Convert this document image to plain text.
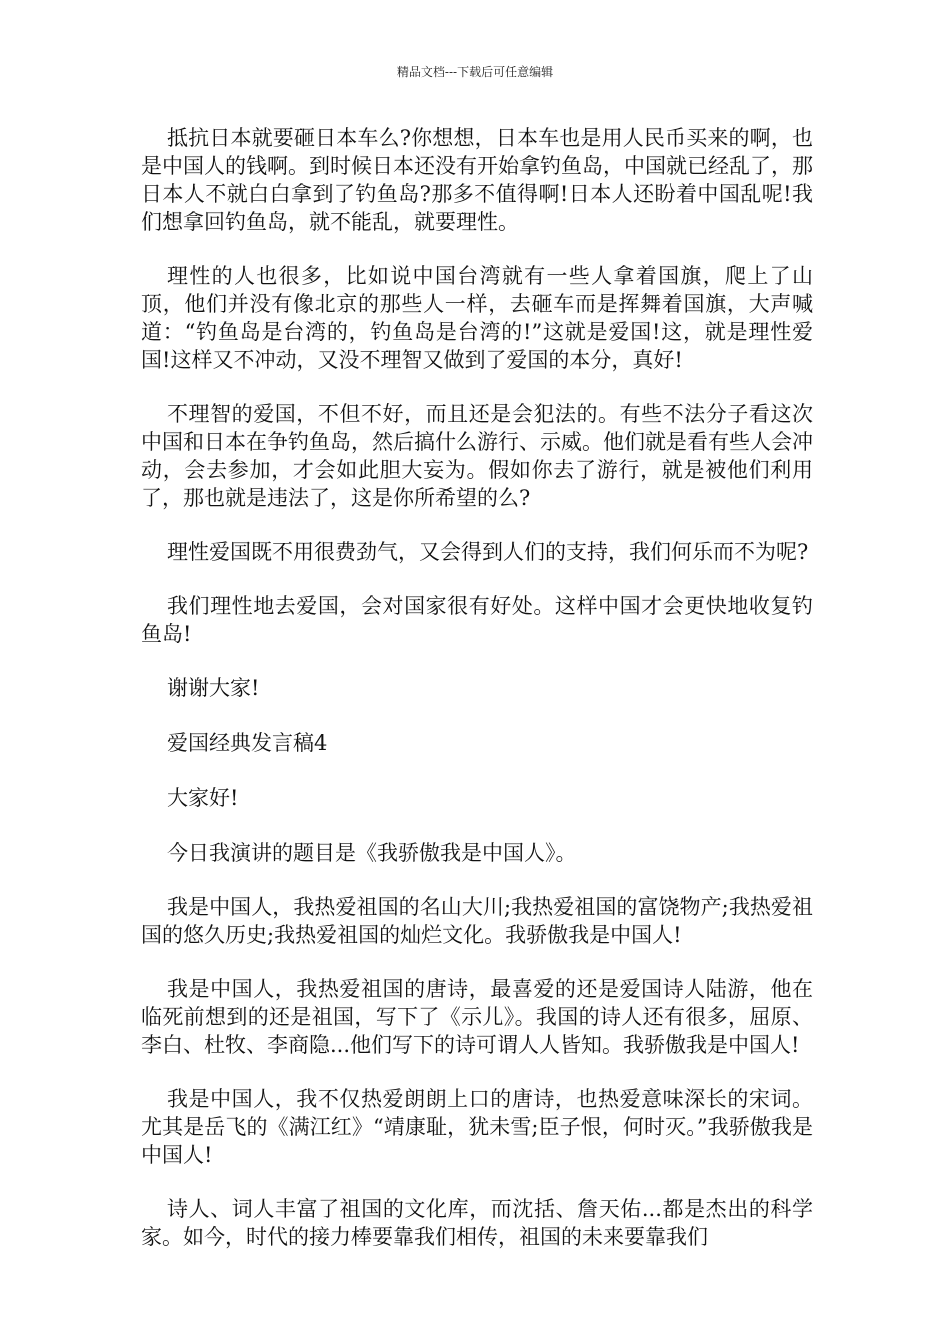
精品文档---下载后可任意编辑

抵抗日本就要砸日本车么?你想想，日本车也是用人民币买来的啊，也是中国人的钱啊。到时候日本还没有开始拿钓鱼岛，中国就已经乱了，那日本人不就白白拿到了钓鱼岛?那多不值得啊!日本人还盼着中国乱呢!我们想拿回钓鱼岛，就不能乱，就要理性。

理性的人也很多，比如说中国台湾就有一些人拿着国旗，爬上了山顶，他们并没有像北京的那些人一样，去砸车而是挥舞着国旗，大声喊道：“钓鱼岛是台湾的，钓鱼岛是台湾的!”这就是爱国!这，就是理性爱国!这样又不冲动，又没不理智又做到了爱国的本分，真好!

不理智的爱国，不但不好，而且还是会犯法的。有些不法分子看这次中国和日本在争钓鱼岛，然后搞什么游行、示威。他们就是看有些人会冲动，会去参加，才会如此胆大妄为。假如你去了游行，就是被他们利用了，那也就是违法了，这是你所希望的么?

理性爱国既不用很费劲气，又会得到人们的支持，我们何乐而不为呢?

我们理性地去爱国，会对国家很有好处。这样中国才会更快地收复钓鱼岛!

谢谢大家!

爱国经典发言稿4

大家好!

今日我演讲的题目是《我骄傲我是中国人》。

我是中国人，我热爱祖国的名山大川;我热爱祖国的富饶物产;我热爱祖国的悠久历史;我热爱祖国的灿烂文化。我骄傲我是中国人!

我是中国人，我热爱祖国的唐诗，最喜爱的还是爱国诗人陆游，他在临死前想到的还是祖国，写下了《示儿》。我国的诗人还有很多，屈原、李白、杜牧、李商隐...他们写下的诗可谓人人皆知。我骄傲我是中国人!

我是中国人，我不仅热爱朗朗上口的唐诗，也热爱意味深长的宋词。尤其是岳飞的《满江红》“靖康耻，犹未雪;臣子恨，何时灭。”我骄傲我是中国人!

诗人、词人丰富了祖国的文化库，而沈括、詹天佑...都是杰出的科学家。如今，时代的接力棒要靠我们相传，祖国的未来要靠我们
